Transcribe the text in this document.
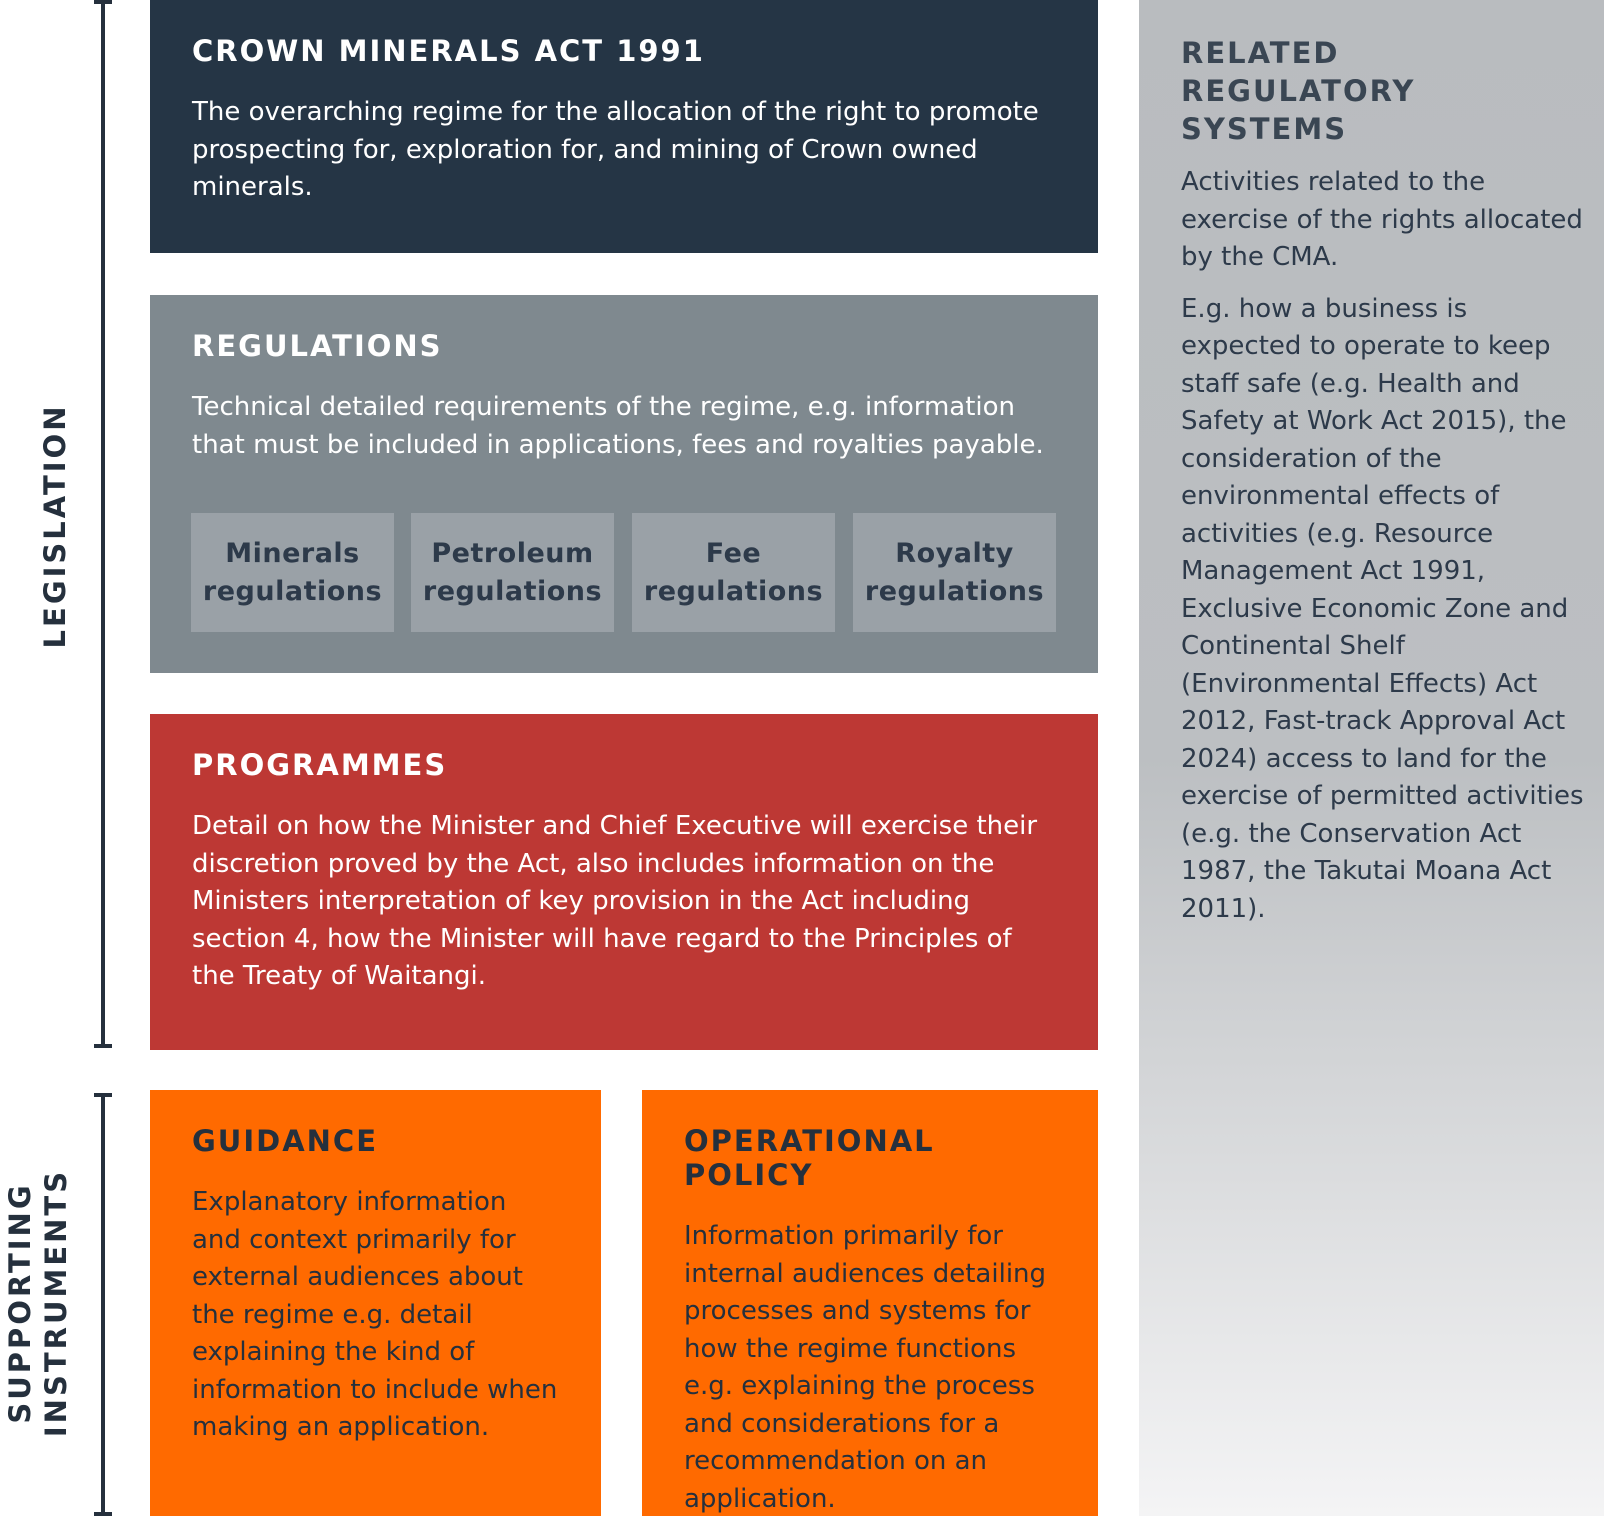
LEGISLATION
SUPPORTING INSTRUMENTS
CROWN MINERALS ACT 1991

The overarching regime for the allocation of the right to promote prospecting for, exploration for, and mining of Crown owned minerals.

REGULATIONS

Technical detailed requirements of the regime, e.g. information that must be included in applications, fees and royalties payable.

Minerals
regulations
Petroleum
regulations
Fee
regulations
Royalty
regulations
PROGRAMMES

Detail on how the Minister and Chief Executive will exercise their discretion proved by the Act, also includes information on the Ministers interpretation of key provision in the Act including section 4, how the Minister will have regard to the Principles of the Treaty of Waitangi.

GUIDANCE

Explanatory information and context primarily for external audiences about the regime e.g. detail explaining the kind of information to include when making an application.

OPERATIONAL POLICY

Information primarily for internal audiences detailing processes and systems for how the regime functions e.g. explaining the process and considerations for a recommendation on an application.

RELATED REGULATORY SYSTEMS

Activities related to the exercise of the rights allocated by the CMA.

E.g. how a business is expected to operate to keep staff safe (e.g. Health and Safety at Work Act 2015), the consideration of the environmental effects of activities (e.g. Resource Management Act 1991, Exclusive Economic Zone and Continental Shelf (Environmental Effects) Act 2012, Fast-track Approval Act 2024) access to land for the exercise of permitted activities (e.g. the Conservation Act 1987, the Takutai Moana Act 2011).
